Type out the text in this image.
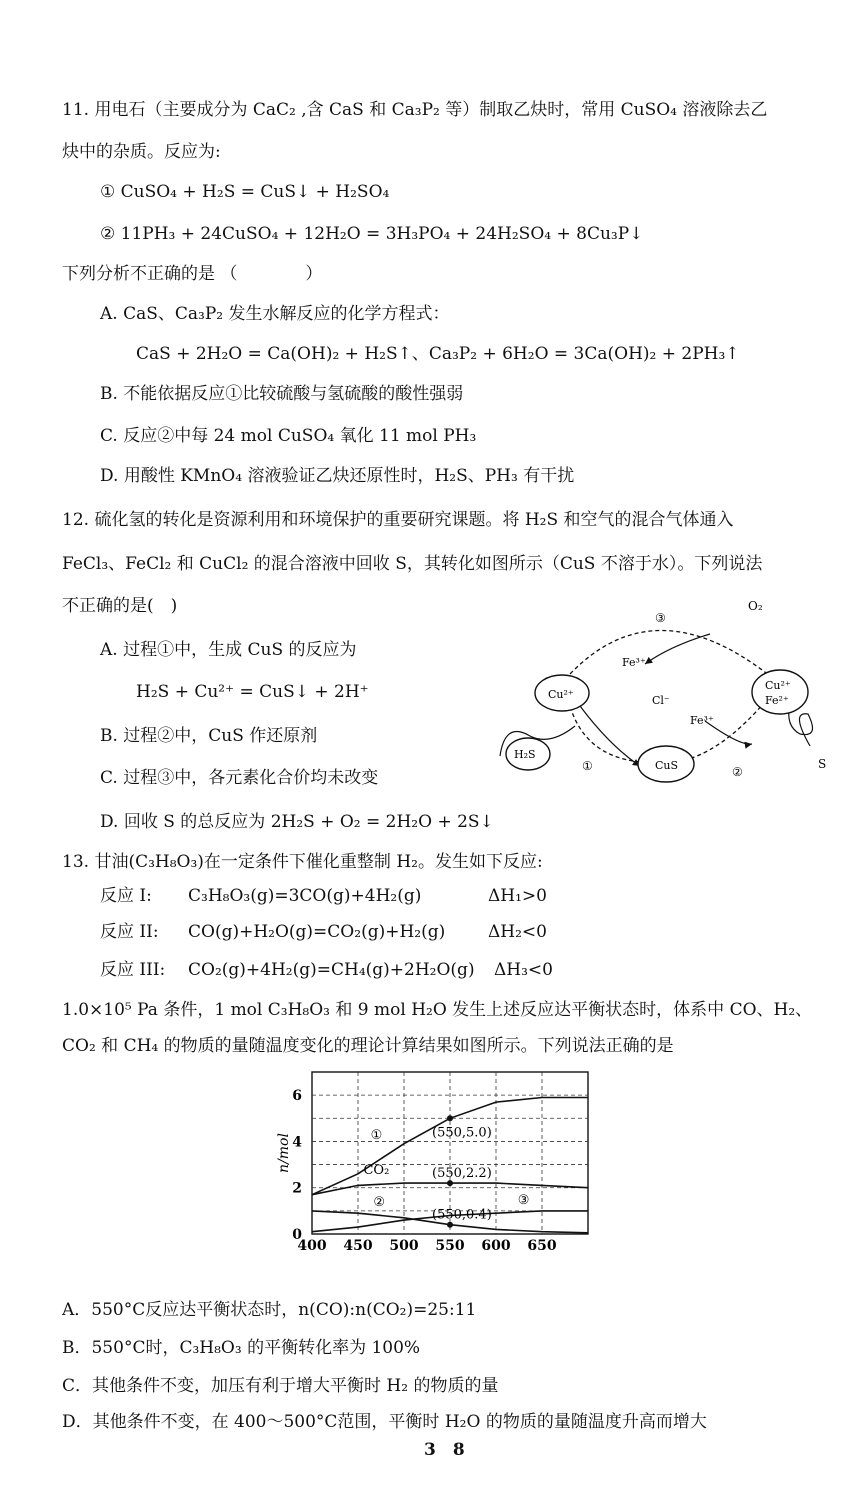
11. 用电石（主要成分为 CaC₂ ,含 CaS 和 Ca₃P₂ 等）制取乙炔时，常用 CuSO₄ 溶液除去乙
炔中的杂质。反应为:
① CuSO₄ + H₂S = CuS↓ + H₂SO₄
② 11PH₃ + 24CuSO₄ + 12H₂O = 3H₃PO₄ + 24H₂SO₄ + 8Cu₃P↓
下列分析不正确的是 （　　　　）
A. CaS、Ca₃P₂ 发生水解反应的化学方程式：
CaS + 2H₂O = Ca(OH)₂ + H₂S↑、Ca₃P₂ + 6H₂O = 3Ca(OH)₂ + 2PH₃↑
B. 不能依据反应①比较硫酸与氢硫酸的酸性强弱
C. 反应②中每 24 mol CuSO₄ 氧化 11 mol PH₃
D. 用酸性 KMnO₄ 溶液验证乙炔还原性时，H₂S、PH₃ 有干扰
12. 硫化氢的转化是资源利用和环境保护的重要研究课题。将 H₂S 和空气的混合气体通入
FeCl₃、FeCl₂ 和 CuCl₂ 的混合溶液中回收 S，其转化如图所示（CuS 不溶于水）。下列说法
不正确的是(　)
A. 过程①中，生成 CuS 的反应为
H₂S + Cu²⁺ = CuS↓ + 2H⁺
B. 过程②中，CuS 作还原剂
C. 过程③中，各元素化合价均未改变
D. 回收 S 的总反应为 2H₂S + O₂ = 2H₂O + 2S↓
③
O₂
Fe³⁺
Cu²⁺	Cl⁻
Cu²⁺
Fe²⁺
Fe³⁺
H₂S
①	CuS	②
S
13. 甘油(C₃H₈O₃)在一定条件下催化重整制 H₂。发生如下反应:
反应 I: C₃H₈O₃(g)=3CO(g)+4H₂(g)	ΔH₁>0
反应 II: CO(g)+H₂O(g)=CO₂(g)+H₂(g)	ΔH₂<0
反应 III: CO₂(g)+4H₂(g)=CH₄(g)+2H₂O(g) ΔH₃<0
1.0×10⁵ Pa 条件，1 mol C₃H₈O₃ 和 9 mol H₂O 发生上述反应达平衡状态时，体系中 CO、H₂、
CO₂ 和 CH₄ 的物质的量随温度变化的理论计算结果如图所示。下列说法正确的是
400 450 500 550 600 650
0
2
4
6
n/mol	①
CO₂
②	③
(550,5.0)
(550,2.2)
(550,0.4)
A．550°C反应达平衡状态时，n(CO):n(CO₂)=25:11
B．550°C时，C₃H₈O₃ 的平衡转化率为 100%
C．其他条件不变，加压有利于增大平衡时 H₂ 的物质的量
D．其他条件不变，在 400～500°C范围，平衡时 H₂O 的物质的量随温度升高而增大
3　8
